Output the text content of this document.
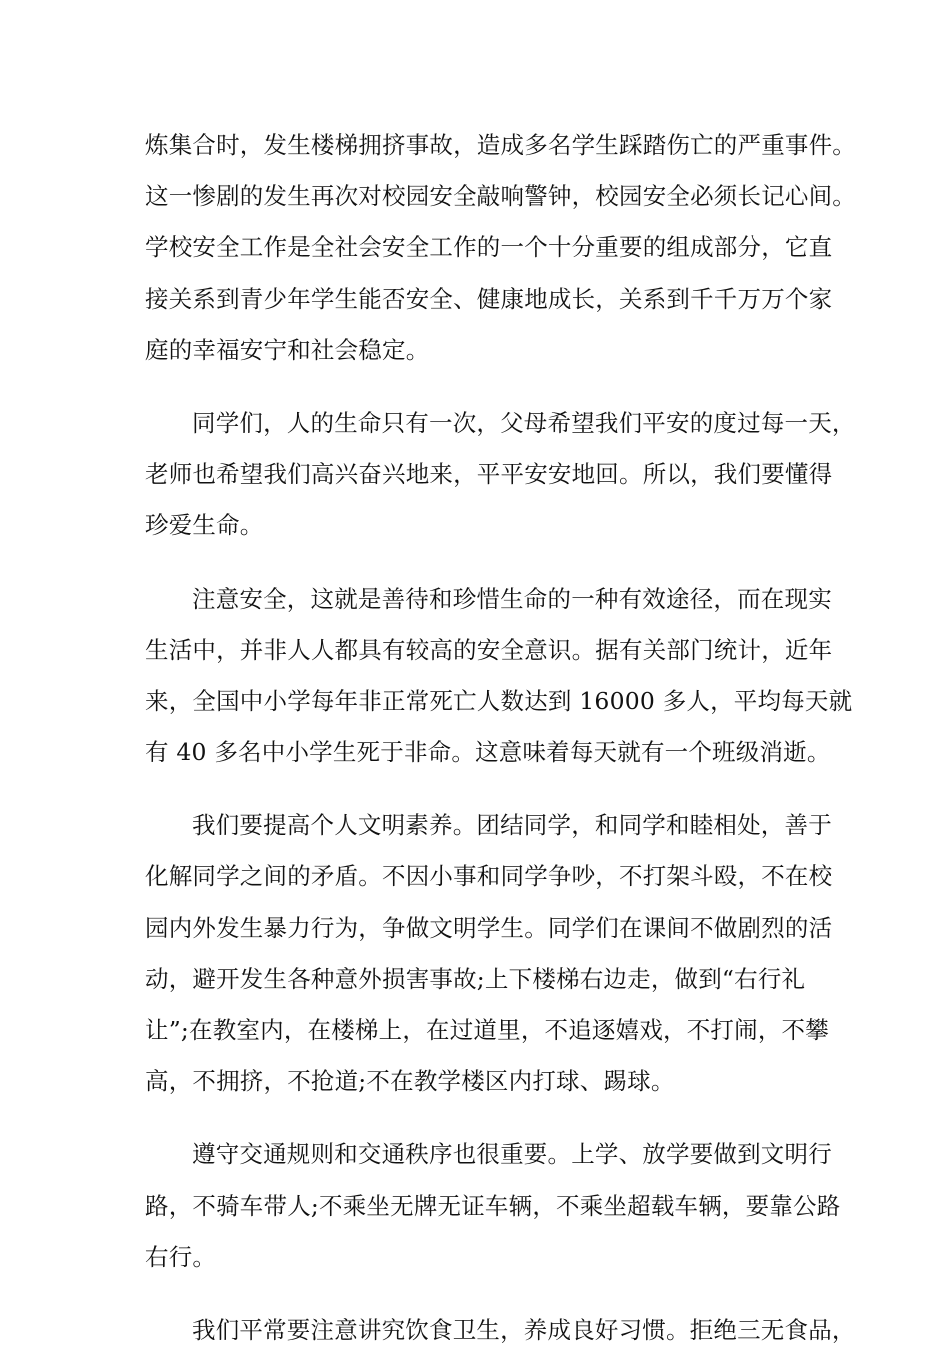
炼集合时，发生楼梯拥挤事故，造成多名学生踩踏伤亡的严重事件。
这一惨剧的发生再次对校园安全敲响警钟，校园安全必须长记心间。
学校安全工作是全社会安全工作的一个十分重要的组成部分，它直
接关系到青少年学生能否安全、健康地成长，关系到千千万万个家
庭的幸福安宁和社会稳定。
同学们，人的生命只有一次，父母希望我们平安的度过每一天，
老师也希望我们高兴奋兴地来，平平安安地回。所以，我们要懂得
珍爱生命。
注意安全，这就是善待和珍惜生命的一种有效途径，而在现实
生活中，并非人人都具有较高的安全意识。据有关部门统计，近年
来，全国中小学每年非正常死亡人数达到 16000 多人，平均每天就
有 40 多名中小学生死于非命。这意味着每天就有一个班级消逝。
我们要提高个人文明素养。团结同学，和同学和睦相处，善于
化解同学之间的矛盾。不因小事和同学争吵，不打架斗殴，不在校
园内外发生暴力行为，争做文明学生。同学们在课间不做剧烈的活
动，避开发生各种意外损害事故;上下楼梯右边走，做到“右行礼
让”;在教室内，在楼梯上，在过道里，不追逐嬉戏，不打闹，不攀
高，不拥挤，不抢道;不在教学楼区内打球、踢球。
遵守交通规则和交通秩序也很重要。上学、放学要做到文明行
路，不骑车带人;不乘坐无牌无证车辆，不乘坐超载车辆，要靠公路
右行。
我们平常要注意讲究饮食卫生，养成良好习惯。拒绝三无食品，
